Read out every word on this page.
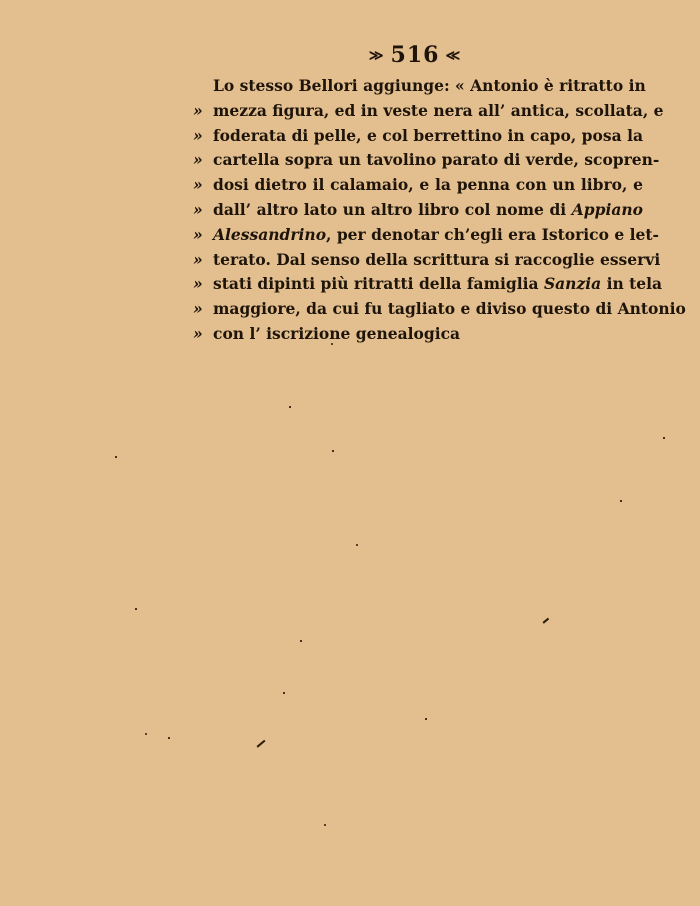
≫ 516 ≪
Lo stesso Bellori aggiunge: « Antonio è ritratto in
» mezza figura, ed in veste nera all’ antica, scollata, e
» foderata di pelle, e col berrettino in capo, posa la
» cartella sopra un tavolino parato di verde, scopren-
» dosi dietro il calamaio, e la penna con un libro, e
» dall’ altro lato un altro libro col nome di Appiano
» Alessandrino, per denotar ch’egli era Istorico e let-
» terato. Dal senso della scrittura si raccoglie esservi
» stati dipinti più ritratti della famiglia Sanzia in tela
» maggiore, da cui fu tagliato e diviso questo di Antonio
» con l’ iscrizione genealogica
